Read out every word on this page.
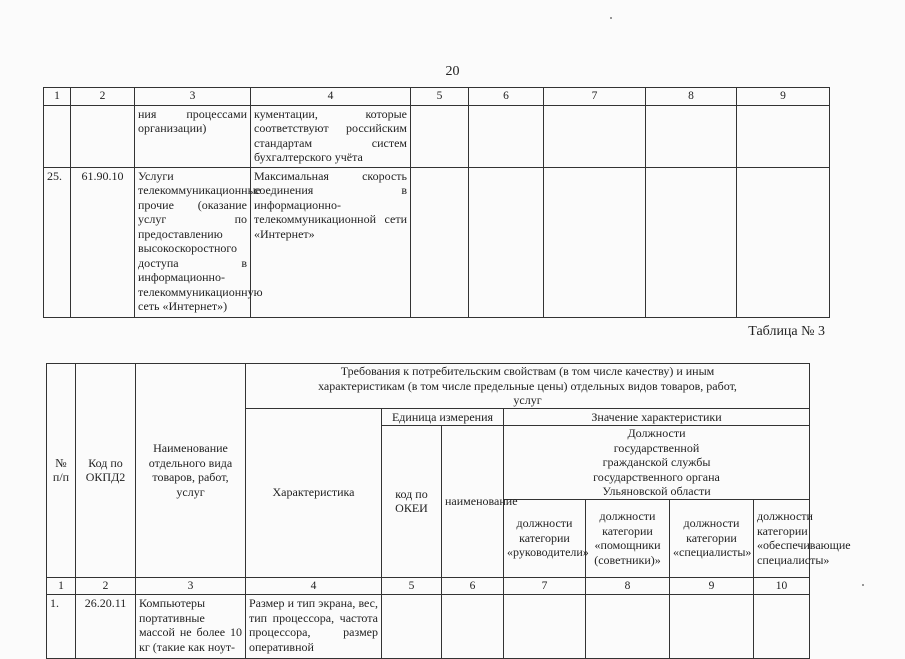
20
1	2	3	4	5	6	7	8	9
		ния процессами организации)	кументации, которые соответствуют российским стандартам систем бухгалтерского учёта					
25.	61.90.10	Услуги телекоммуникационные прочие (оказание услуг по предоставлению высокоскоростного доступа в информационно-телекоммуникационную сеть «Интернет»)	Максимальная скорость соединения в информационно-телекоммуникационной сети «Интернет»					
Таблица № 3
№ п/п	Код по ОКПД2	Наименование отдельного вида товаров, работ, услуг	Требования к потребительским свойствам (в том числе качеству) и иным характеристикам (в том числе предельные цены) отдельных видов товаров, работ, услуг						
			Характеристика	Единица измерения		Значение характеристики			
				код по ОКЕИ	наименование	Должности государственной гражданской службы государственного органа Ульяновской области			
						должности категории «руководители»	должности категории «помощники (советники)»	должности категории «специалисты»	должности категории «обеспечивающие специалисты»
1	2	3	4	5	6	7	8	9	10
1.	26.20.11	Компьютеры портативные массой не более 10 кг (такие как ноут-	Размер и тип экрана, вес, тип процессора, частота процессора, размер оперативной						
